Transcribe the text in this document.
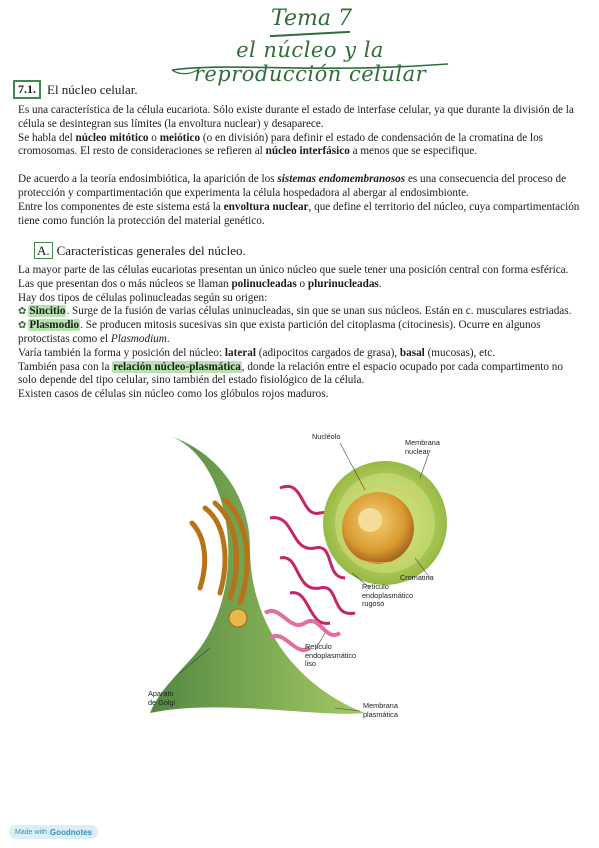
Tema 7
el núcleo y la reproducción celular
7.1. El núcleo celular.

Es una característica de la célula eucariota. Sólo existe durante el estado de interfase celular, ya que durante la división de la célula se desintegran sus límites (la envoltura nuclear) y desaparece.

Se habla del núcleo mitótico o meiótico (o en división) para definir el estado de condensación de la cromatina de los cromosomas. El resto de consideraciones se refieren al núcleo interfásico a menos que se especifique.

De acuerdo a la teoría endosimbiótica, la aparición de los sistemas endomembranosos es una consecuencia del proceso de protección y compartimentación que experimenta la célula hospedadora al abergar al endosimbionte.

Entre los componentes de este sistema está la envoltura nuclear, que define el territorio del núcleo, cuya compartimentación tiene como función la protección del material genético.

A. Características generales del núcleo.

La mayor parte de las células eucariotas presentan un único núcleo que suele tener una posición central con forma esférica. Las que presentan dos o más núcleos se llaman polinucleadas o plurinucleadas.

Hay dos tipos de células polinucleadas según su origen:

✿ Sincitio. Surge de la fusión de varias células uninucleadas, sin que se unan sus núcleos. Están en c. musculares estriadas.

✿ Plasmodio. Se producen mitosis sucesivas sin que exista partición del citoplasma (citocinesis). Ocurre en algunos protoctistas como el Plasmodium.

Varía también la forma y posición del núcleo: lateral (adipocitos cargados de grasa), basal (mucosas), etc.

También pasa con la relación núcleo-plasmática, donde la relación entre el espacio ocupado por cada compartimento no solo depende del tipo celular, sino también del estado fisiológico de la célula.

Existen casos de células sin núcleo como los glóbulos rojos maduros.

Nucléolo
Membrana
nuclear
Cromatina
Retículo
endoplasmático
rugoso
Retículo
endoplasmático
liso
Aparato
de Golgi	Membrana
plasmática
Made with Goodnotes
